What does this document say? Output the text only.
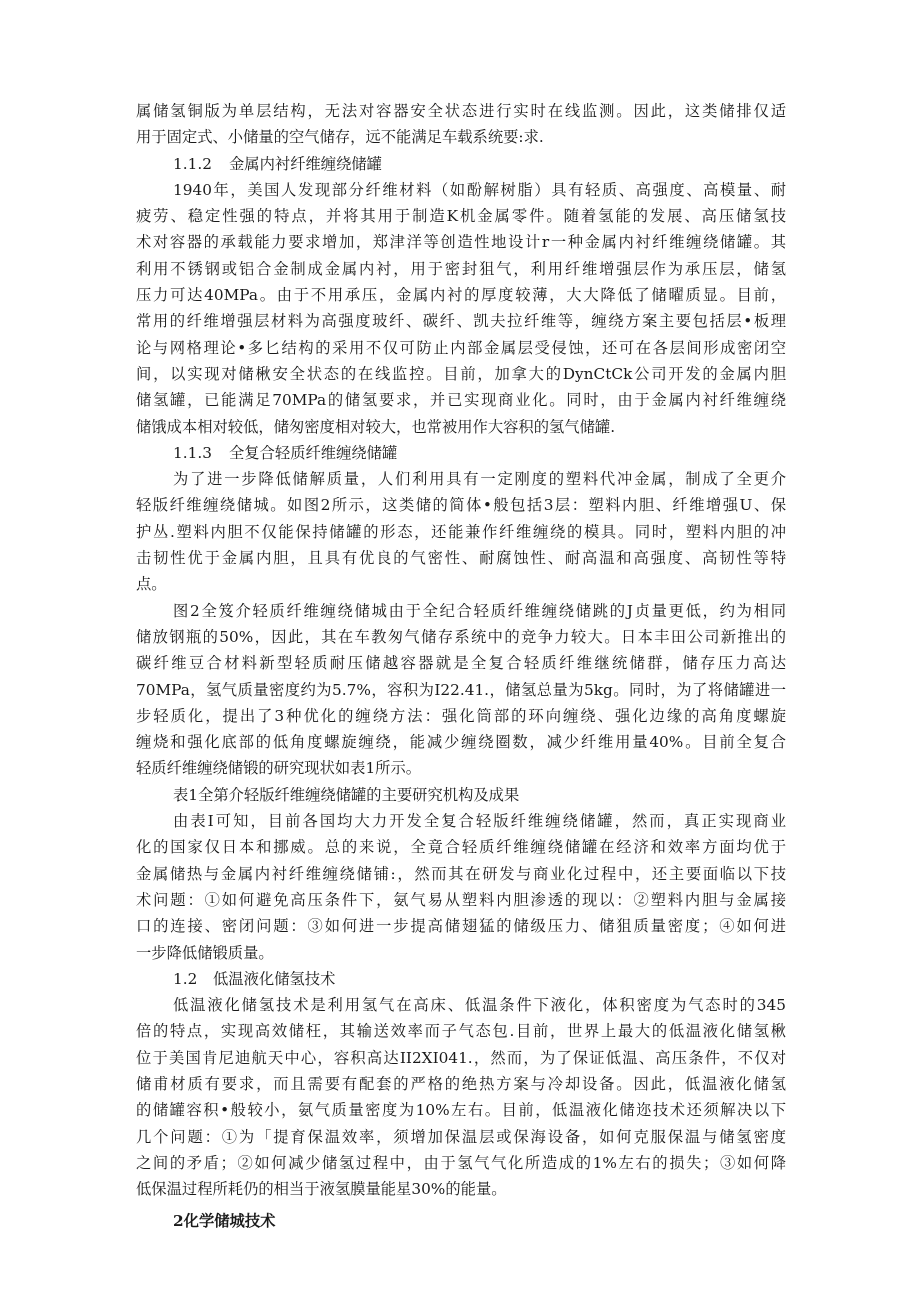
属储氢铜版为单层结构，无法对容器安全状态进行实时在线监测。因此，这类储排仅适
用于固定式、小储量的空气储存，远不能满足车载系统要:求.

1.1.2 金属内衬纤维缠绕储罐

1940年，美国人发现部分纤维材料（如酚解树脂）具有轻质、高强度、高模量、耐
疲劳、稳定性强的特点，并将其用于制造K机金属零件。随着氢能的发展、高压储氢技
术对容器的承载能力要求增加，郑津洋等创造性地设计r一种金属内衬纤维缠绕储罐。其
利用不锈钢或铝合金制成金属内衬，用于密封狙气，利用纤维增强层作为承压层，储氢
压力可达40MPa。由于不用承压，金属内衬的厚度较薄，大大降低了储曜质显。目前，
常用的纤维增强层材料为高强度玻纤、碳纤、凯夫拉纤维等，缠绕方案主要包括层•板理
论与网格理论•多匕结构的采用不仅可防止内部金属层受侵蚀，还可在各层间形成密闭空
间，以实现对储楸安全状态的在线监控。目前，加拿大的DynCtCk公司开发的金属内胆
储氢罐，已能满足70MPa的储氢要求，并已实现商业化。同时，由于金属内衬纤维缠绕
储饿成本相对较低，储匆密度相对较大，也常被用作大容积的氢气储罐.

1.1.3 全复合轻质纤维缠绕储罐

为了进一步降低储解质量，人们利用具有一定刚度的塑料代冲金属，制成了全更介
轻版纤维缠绕储城。如图2所示，这类储的简体•般包括3层：塑料内胆、纤维增强U、保
护丛.塑料内胆不仅能保持储罐的形态，还能兼作纤维缠绕的模具。同时，塑料内胆的冲
击韧性优于金属内胆，且具有优良的气密性、耐腐蚀性、耐高温和高强度、高韧性等特
点。
图2全笈介轻质纤维缠绕储城由于全纪合轻质纤维缠绕储跳的J贞量更低，约为相同
储放钢瓶的50%，因此，其在车教匆气储存系统中的竞争力较大。日本丰田公司新推出的
碳纤维豆合材料新型轻质耐压储越容器就是全复合轻质纤维继统储群，储存压力高达
70MPa，氢气质量密度约为5.7%，容积为I22.41.，储氢总量为5kg。同时，为了将储罐进一
步轻质化，提出了3种优化的缠绕方法：强化筒部的环向缠绕、强化边缘的高角度螺旋
缠烧和强化底部的低角度螺旋缠绕，能减少缠绕圈数，减少纤维用量40%。目前全复合
轻质纤维缠绕储锻的研究现状如表1所示。

表1全第介轻版纤维缠绕储罐的主要研究机构及成果

由表I可知，目前各国均大力开发全复合轻版纤维缠绕储罐，然而，真正实现商业
化的国家仅日本和挪威。总的来说，全竟合轻质纤维缠绕储罐在经济和效率方面均优于
金属储热与金属内衬纤维缠绕储铺:，然而其在研发与商业化过程中，还主要面临以下技
术问题：①如何避免高压条件下，氨气易从塑料内胆渗透的现以：②塑料内胆与金属接
口的连接、密闭问题：③如何进一步提高储翅猛的储级压力、储狙质量密度；④如何进
一步降低储锻质量。

1.2 低温液化储氢技术

低温液化储氢技术是利用氢气在高床、低温条件下液化，体积密度为气态时的345
倍的特点，实现高效储枉，其输送效率而子气态包.目前，世界上最大的低温液化储氢楸
位于美国肯尼迪航天中心，容积高达II2XI041.，然而，为了保证低温、高压条件，不仅对
储甫材质有要求，而且需要有配套的严格的绝热方案与冷却设备。因此，低温液化储氢
的储罐容积•般较小，氨气质量密度为10%左右。目前，低温液化储迩技术还须解决以下
几个问题：①为「提育保温效率，须增加保温层或保海设备，如何克服保温与储氢密度
之间的矛盾；②如何减少储氢过程中，由于氢气气化所造成的1%左右的损失；③如何降
低保温过程所耗仍的相当于液氢膜量能星30%的能量。

2化学储城技术
